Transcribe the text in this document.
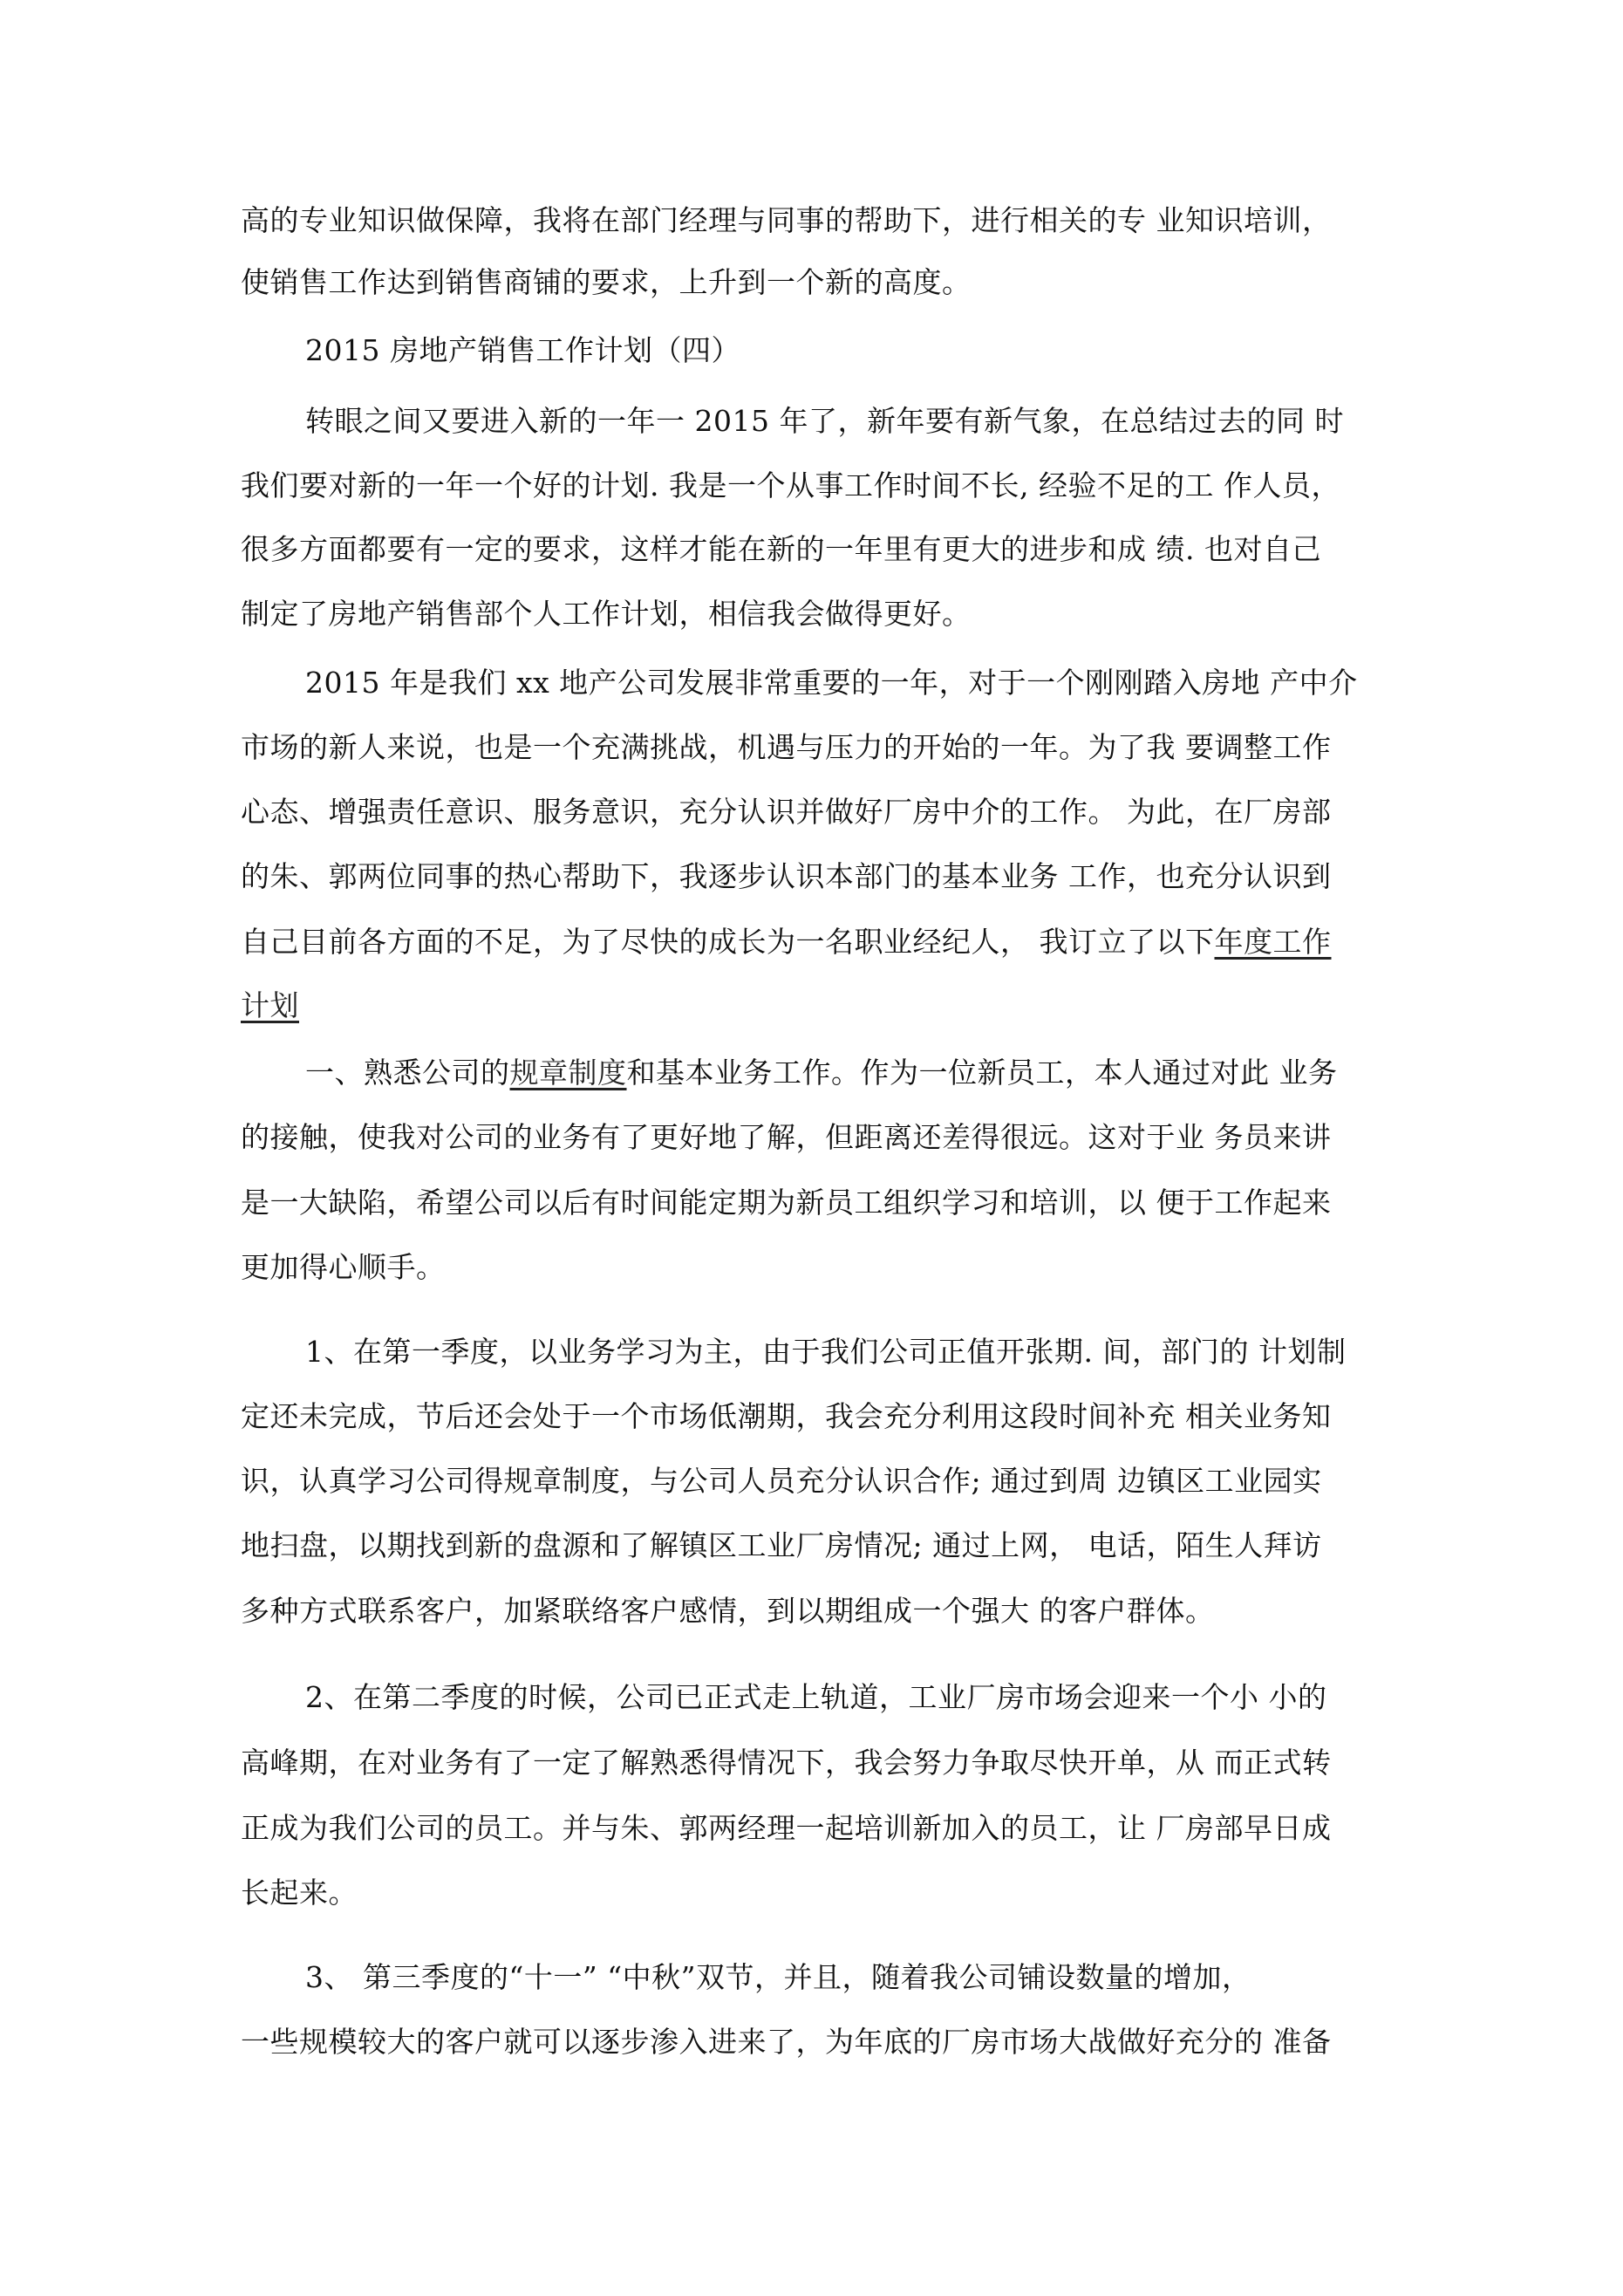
高的专业知识做保障，我将在部门经理与同事的帮助下，进行相关的专 业知识培训，
使销售工作达到销售商铺的要求，上升到一个新的高度。
2015 房地产销售工作计划（四）
转眼之间又要进入新的一年一 2015 年了，新年要有新气象，在总结过去的同 时
我们要对新的一年一个好的计划. 我是一个从事工作时间不长, 经验不足的工 作人员，
很多方面都要有一定的要求，这样才能在新的一年里有更大的进步和成 绩. 也对自己
制定了房地产销售部个人工作计划，相信我会做得更好。
2015 年是我们 xx 地产公司发展非常重要的一年，对于一个刚刚踏入房地 产中介
市场的新人来说，也是一个充满挑战，机遇与压力的开始的一年。为了我 要调整工作
心态、增强责任意识、服务意识，充分认识并做好厂房中介的工作。 为此，在厂房部
的朱、郭两位同事的热心帮助下，我逐步认识本部门的基本业务 工作，也充分认识到
自己目前各方面的不足，为了尽快的成长为一名职业经纪人， 我订立了以下年度工作
计划
一、熟悉公司的规章制度和基本业务工作。作为一位新员工，本人通过对此 业务
的接触，使我对公司的业务有了更好地了解，但距离还差得很远。这对于业 务员来讲
是一大缺陷，希望公司以后有时间能定期为新员工组织学习和培训，以 便于工作起来
更加得心顺手。
1、在第一季度，以业务学习为主，由于我们公司正值开张期. 间，部门的 计划制
定还未完成，节后还会处于一个市场低潮期，我会充分利用这段时间补充 相关业务知
识，认真学习公司得规章制度，与公司人员充分认识合作; 通过到周 边镇区工业园实
地扫盘，以期找到新的盘源和了解镇区工业厂房情况; 通过上网， 电话，陌生人拜访
多种方式联系客户，加紧联络客户感情，到以期组成一个强大 的客户群体。
2、在第二季度的时候，公司已正式走上轨道，工业厂房市场会迎来一个小 小的
高峰期，在对业务有了一定了解熟悉得情况下，我会努力争取尽快开单，从 而正式转
正成为我们公司的员工。并与朱、郭两经理一起培训新加入的员工，让 厂房部早日成
长起来。
3、 第三季度的“十一” “中秋”双节，并且，随着我公司铺设数量的增加，
一些规模较大的客户就可以逐步渗入进来了，为年底的厂房市场大战做好充分的 准备
